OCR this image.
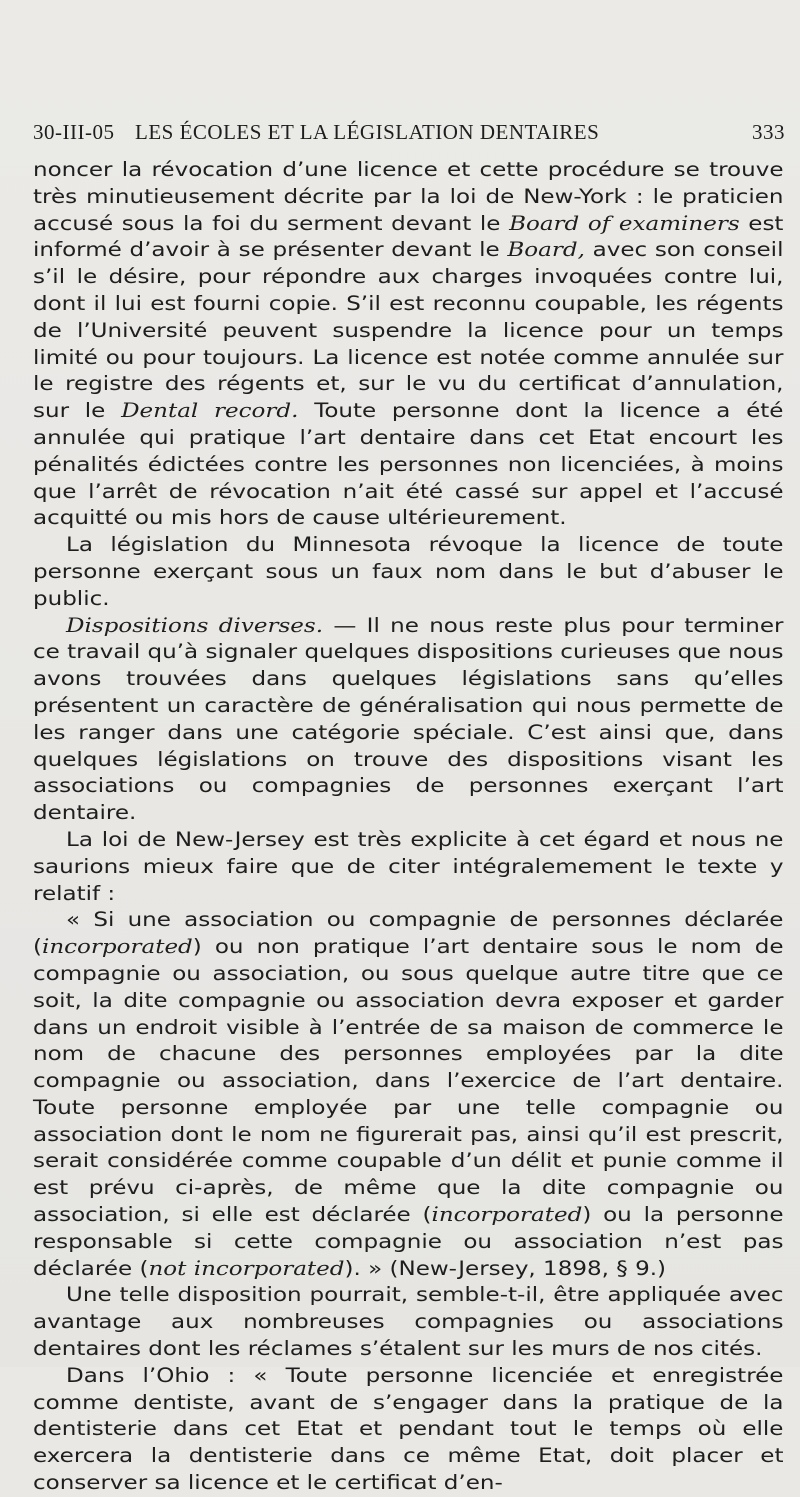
30-III-05 LES ÉCOLES ET LA LÉGISLATION DENTAIRES	333

noncer la révocation d’une licence et cette procédure se trouve très minutieusement décrite par la loi de New-York : le praticien accusé sous la foi du serment devant le Board of examiners est informé d’avoir à se présenter devant le Board, avec son conseil s’il le désire, pour répondre aux charges invoquées contre lui, dont il lui est fourni copie. S’il est reconnu coupable, les régents de l’Université peuvent suspendre la licence pour un temps limité ou pour toujours. La licence est notée comme annulée sur le registre des régents et, sur le vu du certificat d’annulation, sur le Dental record. Toute personne dont la licence a été annulée qui pratique l’art dentaire dans cet Etat encourt les pénalités édictées contre les personnes non licenciées, à moins que l’arrêt de révocation n’ait été cassé sur appel et l’accusé acquitté ou mis hors de cause ultérieurement.

La législation du Minnesota révoque la licence de toute personne exerçant sous un faux nom dans le but d’abuser le public.

Dispositions diverses. — Il ne nous reste plus pour terminer ce travail qu’à signaler quelques dispositions curieuses que nous avons trouvées dans quelques législations sans qu’elles présentent un caractère de généralisation qui nous permette de les ranger dans une catégorie spéciale. C’est ainsi que, dans quelques législations on trouve des dispositions visant les associations ou compagnies de personnes exerçant l’art dentaire.

La loi de New-Jersey est très explicite à cet égard et nous ne saurions mieux faire que de citer intégralemement le texte y relatif :

« Si une association ou compagnie de personnes déclarée (incorporated) ou non pratique l’art dentaire sous le nom de compagnie ou association, ou sous quelque autre titre que ce soit, la dite compagnie ou association devra exposer et garder dans un endroit visible à l’entrée de sa maison de commerce le nom de chacune des personnes employées par la dite compagnie ou association, dans l’exercice de l’art dentaire. Toute personne employée par une telle compagnie ou association dont le nom ne figurerait pas, ainsi qu’il est prescrit, serait considérée comme coupable d’un délit et punie comme il est prévu ci-après, de même que la dite compagnie ou association, si elle est déclarée (incorporated) ou la personne responsable si cette compagnie ou association n’est pas déclarée (not incorporated). » (New-Jersey, 1898, § 9.)

Une telle disposition pourrait, semble-t-il, être appliquée avec avantage aux nombreuses compagnies ou associations dentaires dont les réclames s’étalent sur les murs de nos cités.

Dans l’Ohio : « Toute personne licenciée et enregistrée comme dentiste, avant de s’engager dans la pratique de la dentisterie dans cet Etat et pendant tout le temps où elle exercera la dentisterie dans ce même Etat, doit placer et conserver sa licence et le certificat d’en-
